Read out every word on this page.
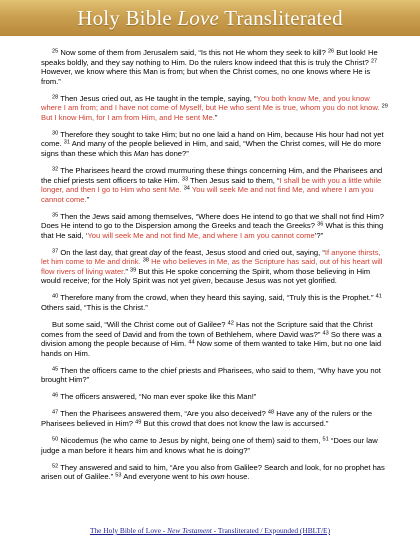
Holy Bible Love Transliterated

$^{25}$ Now some of them from Jerusalem said, “Is this not He whom they seek to kill? $^{26}$ But look! He speaks boldly, and they say nothing to Him. Do the rulers know indeed that this is truly the Christ? $^{27}$ However, we know where this Man is from; but when the Christ comes, no one knows where He is from.”

$^{28}$ Then Jesus cried out, as He taught in the temple, saying, “You both know Me, and you know where I am from; and I have not come of Myself, but He who sent Me is true, whom you do not know. $^{29}$ But I know Him, for I am from Him, and He sent Me.”

$^{30}$ Therefore they sought to take Him; but no one laid a hand on Him, because His hour had not yet come. $^{31}$ And many of the people believed in Him, and said, “When the Christ comes, will He do more signs than these which this Man has done?”

$^{32}$ The Pharisees heard the crowd murmuring these things concerning Him, and the Pharisees and the chief priests sent officers to take Him. $^{33}$ Then Jesus said to them, “I shall be with you a little while longer, and then I go to Him who sent Me. $^{34}$ You will seek Me and not find Me, and where I am you cannot come.”

$^{35}$ Then the Jews said among themselves, “Where does He intend to go that we shall not find Him? Does He intend to go to the Dispersion among the Greeks and teach the Greeks? $^{36}$ What is this thing that He said, ‘You will seek Me and not find Me, and where I am you cannot come’?”

$^{37}$ On the last day, that great day of the feast, Jesus stood and cried out, saying, “If anyone thirsts, let him come to Me and drink. $^{38}$ He who believes in Me, as the Scripture has said, out of his heart will flow rivers of living water.” $^{39}$ But this He spoke concerning the Spirit, whom those believing in Him would receive; for the Holy Spirit was not yet given, because Jesus was not yet glorified.

$^{40}$ Therefore many from the crowd, when they heard this saying, said, “Truly this is the Prophet.” $^{41}$ Others said, “This is the Christ.”

But some said, “Will the Christ come out of Galilee? $^{42}$ Has not the Scripture said that the Christ comes from the seed of David and from the town of Bethlehem, where David was?” $^{43}$ So there was a division among the people because of Him. $^{44}$ Now some of them wanted to take Him, but no one laid hands on Him.

$^{45}$ Then the officers came to the chief priests and Pharisees, who said to them, “Why have you not brought Him?”

$^{46}$ The officers answered, “No man ever spoke like this Man!”

$^{47}$ Then the Pharisees answered them, “Are you also deceived? $^{48}$ Have any of the rulers or the Pharisees believed in Him? $^{49}$ But this crowd that does not know the law is accursed.”

$^{50}$ Nicodemus (he who came to Jesus by night, being one of them) said to them, $^{51}$ “Does our law judge a man before it hears him and knows what he is doing?”

$^{52}$ They answered and said to him, “Are you also from Galilee? Search and look, for no prophet has arisen out of Galilee.” $^{53}$ And everyone went to his own house.

The Holy Bible of Love - New Testament - Transliterated / Expounded (HBLT/E)
